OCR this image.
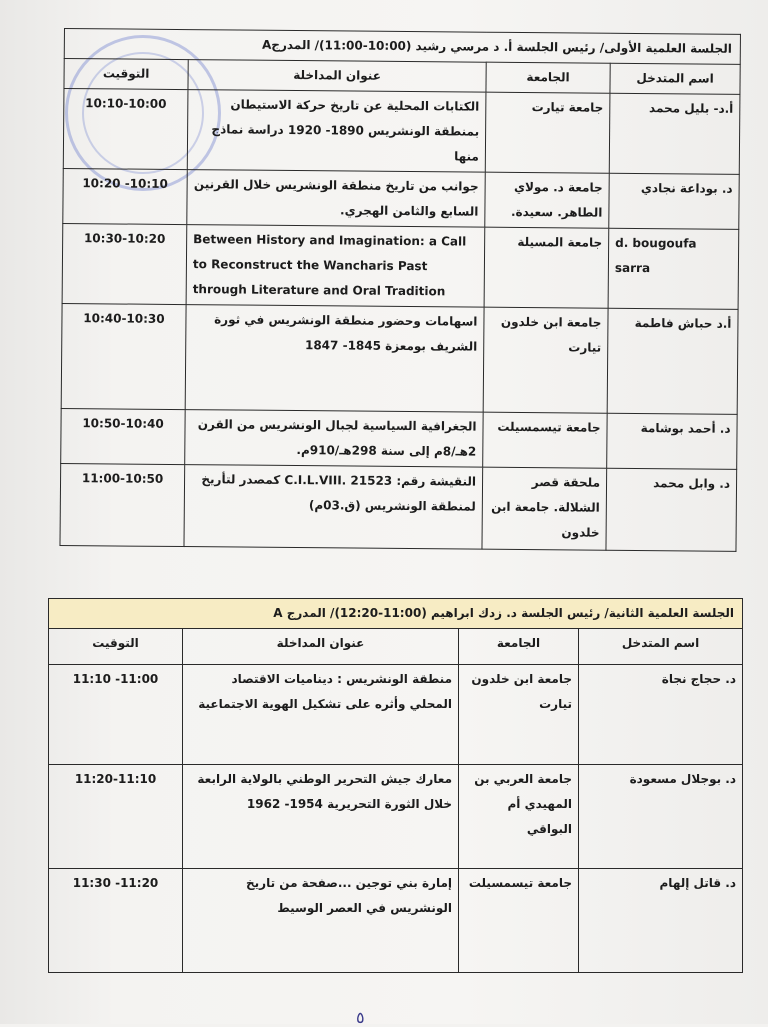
الجلسة العلمية الأولى/ رئيس الجلسة أ. د مرسي رشيد (10:00-11:00)/ المدرجA			
اسم المتدخل	الجامعة	عنوان المداخلة	التوقيت
أ.د- بليل محمد	جامعة تيارت	الكتابات المحلية عن تاريخ حركة الاستيطان بمنطقة الونشريس 1890- 1920 دراسة نماذج منها	10:10-10:00
د. بوداعة نجادي	جامعة د. مولاي الطاهر. سعيدة.	جوانب من تاريخ منطقة الونشريس خلال القرنين السابع والثامن الهجري.	10:20 -10:10
d. bougoufa sarra	جامعة المسيلة	Between History and Imagination: a Call to Reconstruct the Wancharis Past through Literature and Oral Tradition	10:30-10:20
أ.د حباش فاطمة	جامعة ابن خلدون تيارت	اسهامات وحضور منطقة الونشريس في ثورة الشريف بومعزة 1845- 1847	10:40-10:30
د. أحمد بوشامة	جامعة تيسمسيلت	الجغرافية السياسية لجبال الونشريس من القرن 2هـ/8م إلى سنة 298هـ/910م.	10:50-10:40
د. وابل محمد	ملحقة قصر الشلالة. جامعة ابن خلدون	النقيشة رقم: C.I.L.VIII. 21523 كمصدر لتأريخ لمنطقة الونشريس (ق.03م)	11:00-10:50
الجلسة العلمية الثانية/ رئيس الجلسة د. زدك ابراهيم (11:00-12:20)/ المدرج A			
اسم المتدخل	الجامعة	عنوان المداخلة	التوقيت
د. حجاج نجاة	جامعة ابن خلدون تيارت	منطقة الونشريس : ديناميات الاقتصاد المحلي وأثره على تشكيل الهوية الاجتماعية	11:10 -11:00
د. بوجلال مسعودة	جامعة العربي بن المهيدي أم البواقي	معارك جيش التحرير الوطني بالولاية الرابعة خلال الثورة التحريرية 1954- 1962	11:20-11:10
د. قاتل إلهام	جامعة تيسمسيلت	إمارة بني توجين ...صفحة من تاريخ الونشريس في العصر الوسيط	11:30 -11:20
٥
